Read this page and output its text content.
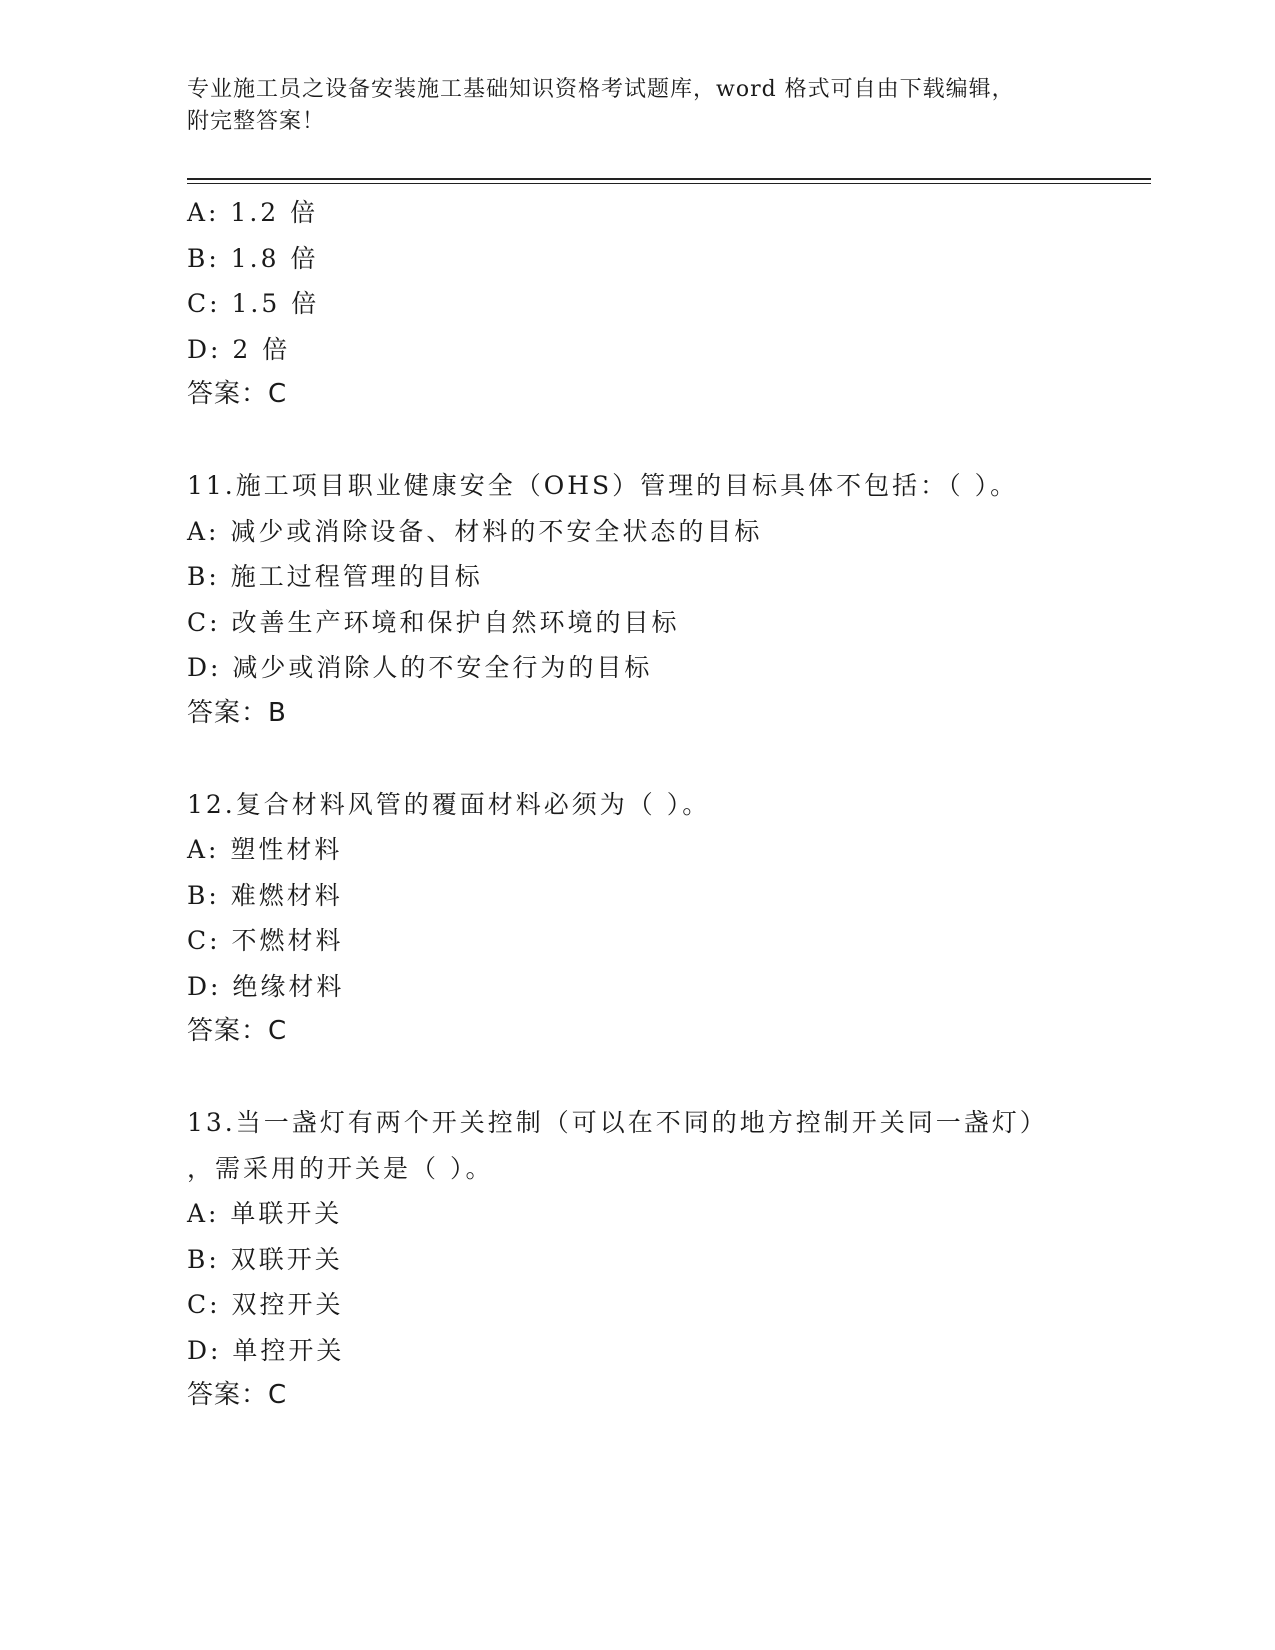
专业施工员之设备安装施工基础知识资格考试题库，word 格式可自由下载编辑，
附完整答案！
A: 1.2 倍
B: 1.8 倍
C: 1.5 倍
D: 2 倍
答案：C
11.施工项目职业健康安全（OHS）管理的目标具体不包括：（ ）。
A: 减少或消除设备、材料的不安全状态的目标
B: 施工过程管理的目标
C: 改善生产环境和保护自然环境的目标
D: 减少或消除人的不安全行为的目标
答案：B
12.复合材料风管的覆面材料必须为（ ）。
A: 塑性材料
B: 难燃材料
C: 不燃材料
D: 绝缘材料
答案：C
13.当一盏灯有两个开关控制（可以在不同的地方控制开关同一盏灯）
，需采用的开关是（ ）。
A: 单联开关
B: 双联开关
C: 双控开关
D: 单控开关
答案：C
